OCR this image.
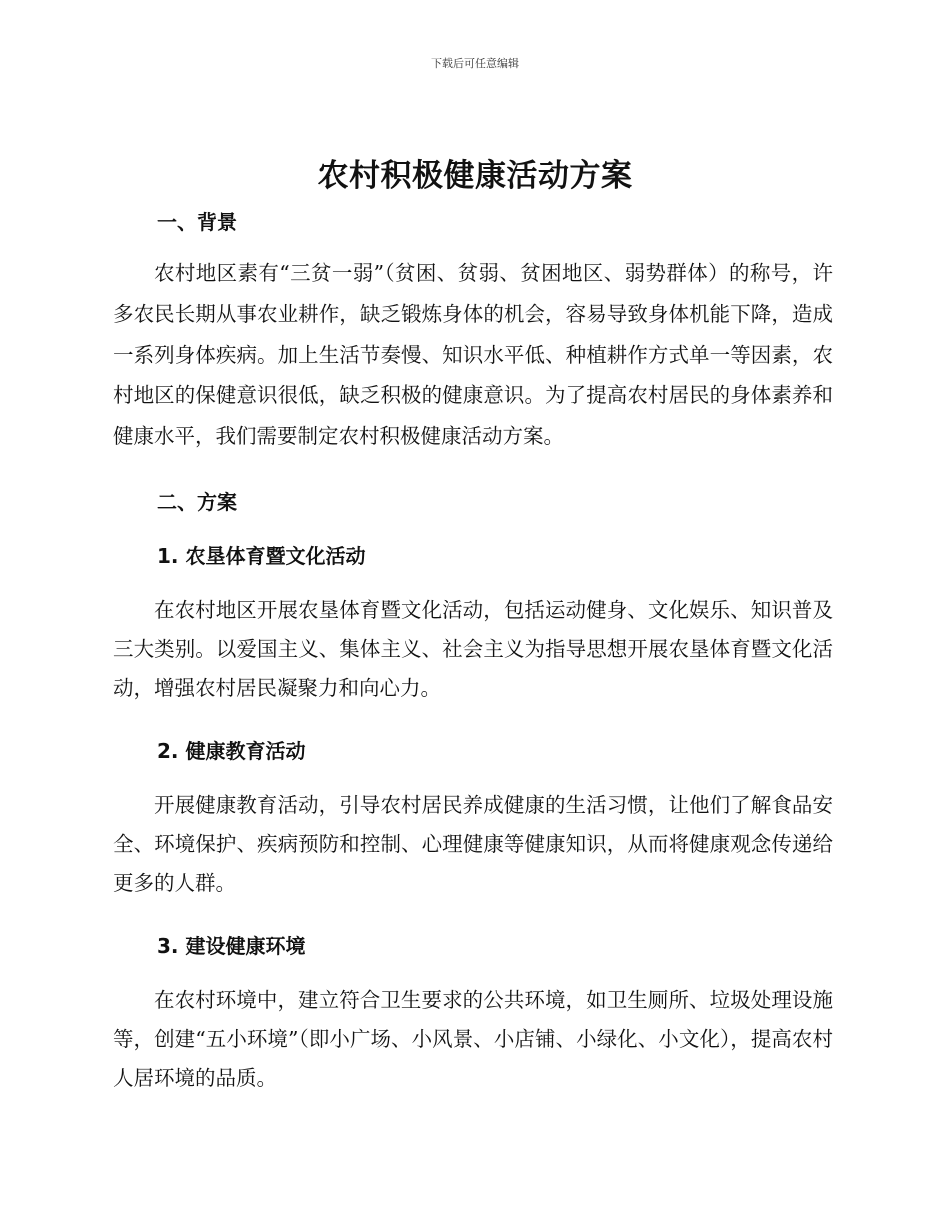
下载后可任意编辑
农村积极健康活动方案
一、背景
农村地区素有“三贫一弱”（贫困、贫弱、贫困地区、弱势群体）的称号，许多农民长期从事农业耕作，缺乏锻炼身体的机会，容易导致身体机能下降，造成一系列身体疾病。加上生活节奏慢、知识水平低、种植耕作方式单一等因素，农村地区的保健意识很低，缺乏积极的健康意识。为了提高农村居民的身体素养和健康水平，我们需要制定农村积极健康活动方案。
二、方案
1. 农垦体育暨文化活动
在农村地区开展农垦体育暨文化活动，包括运动健身、文化娱乐、知识普及三大类别。以爱国主义、集体主义、社会主义为指导思想开展农垦体育暨文化活动，增强农村居民凝聚力和向心力。
2. 健康教育活动
开展健康教育活动，引导农村居民养成健康的生活习惯，让他们了解食品安全、环境保护、疾病预防和控制、心理健康等健康知识，从而将健康观念传递给更多的人群。
3. 建设健康环境
在农村环境中，建立符合卫生要求的公共环境，如卫生厕所、垃圾处理设施等，创建“五小环境”（即小广场、小风景、小店铺、小绿化、小文化），提高农村人居环境的品质。
